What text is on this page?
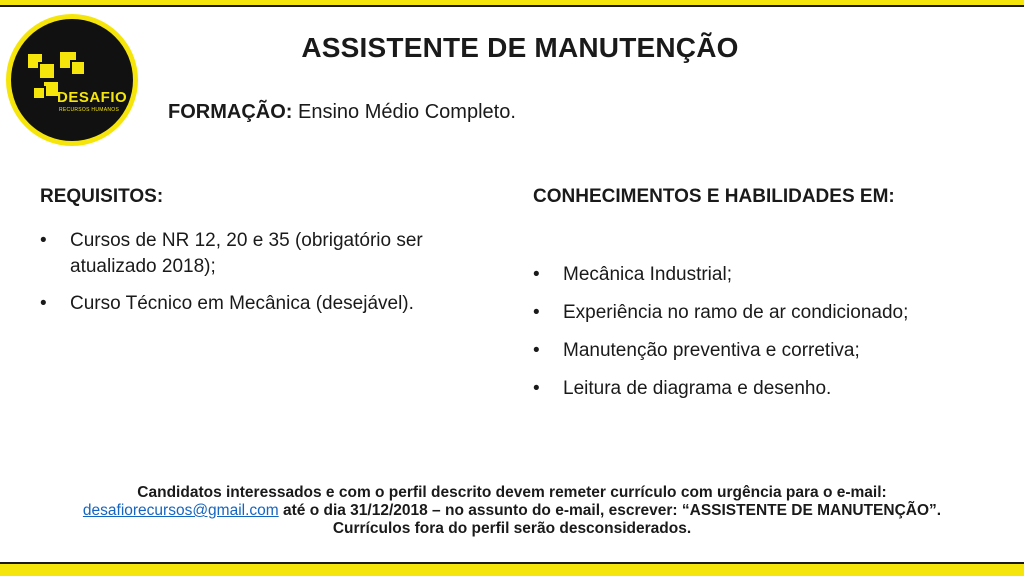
DESAFIO
RECURSOS HUMANOS
ASSISTENTE DE MANUTENÇÃO
FORMAÇÃO: Ensino Médio Completo.

REQUISITOS:

• Cursos de NR 12, 20 e 35 (obrigatório ser atualizado 2018);
• Curso Técnico em Mecânica (desejável).

CONHECIMENTOS E HABILIDADES EM:

• Mecânica Industrial;
• Experiência no ramo de ar condicionado;
• Manutenção preventiva e corretiva;
• Leitura de diagrama e desenho.
Candidatos interessados e com o perfil descrito devem remeter currículo com urgência para o e-mail:
desafiorecursos@gmail.com até o dia 31/12/2018 – no assunto do e-mail, escrever: “ASSISTENTE DE MANUTENÇÃO”. Currículos fora do perfil serão desconsiderados.
